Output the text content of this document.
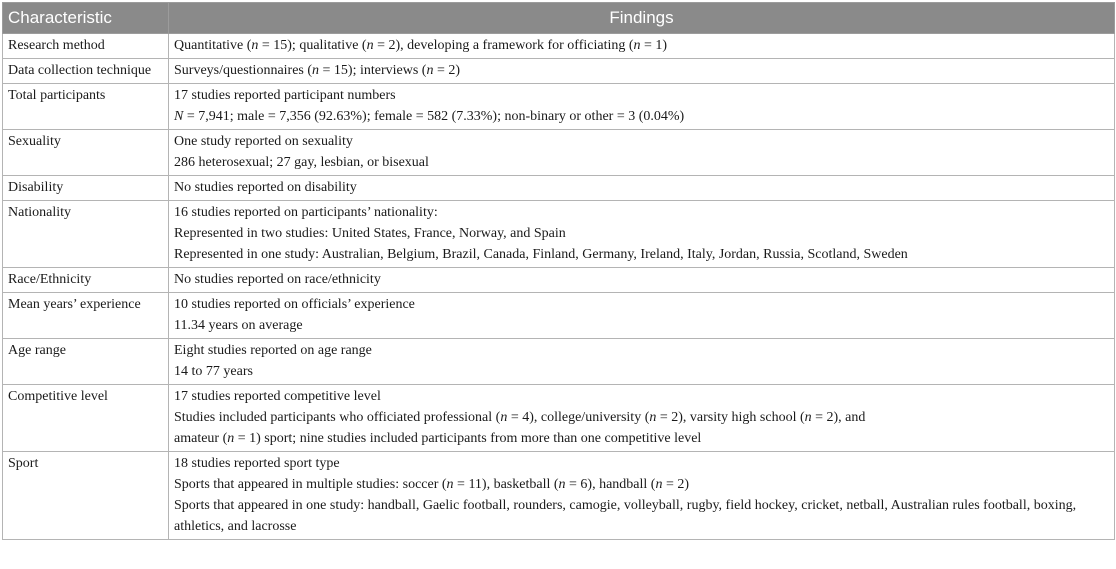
Characteristic	Findings
Research method	Quantitative (n = 15); qualitative (n = 2), developing a framework for officiating (n = 1)

Data collection technique	Surveys/questionnaires (n = 15); interviews (n = 2)

Total participants	17 studies reported participant numbers
N = 7,941; male = 7,356 (92.63%); female = 582 (7.33%); non-binary or other = 3 (0.04%)

Sexuality	One study reported on sexuality
286 heterosexual; 27 gay, lesbian, or bisexual

Disability	No studies reported on disability

Nationality	16 studies reported on participants’ nationality:
Represented in two studies: United States, France, Norway, and Spain
Represented in one study: Australian, Belgium, Brazil, Canada, Finland, Germany, Ireland, Italy, Jordan, Russia, Scotland, Sweden

Race/Ethnicity	No studies reported on race/ethnicity

Mean years’ experience	10 studies reported on officials’ experience
11.34 years on average

Age range	Eight studies reported on age range
14 to 77 years

Competitive level	17 studies reported competitive level
Studies included participants who officiated professional (n = 4), college/university (n = 2), varsity high school (n = 2), and
amateur (n = 1) sport; nine studies included participants from more than one competitive level

Sport	18 studies reported sport type
Sports that appeared in multiple studies: soccer (n = 11), basketball (n = 6), handball (n = 2)
Sports that appeared in one study: handball, Gaelic football, rounders, camogie, volleyball, rugby, field hockey, cricket, netball, Australian rules football, boxing, athletics, and lacrosse
